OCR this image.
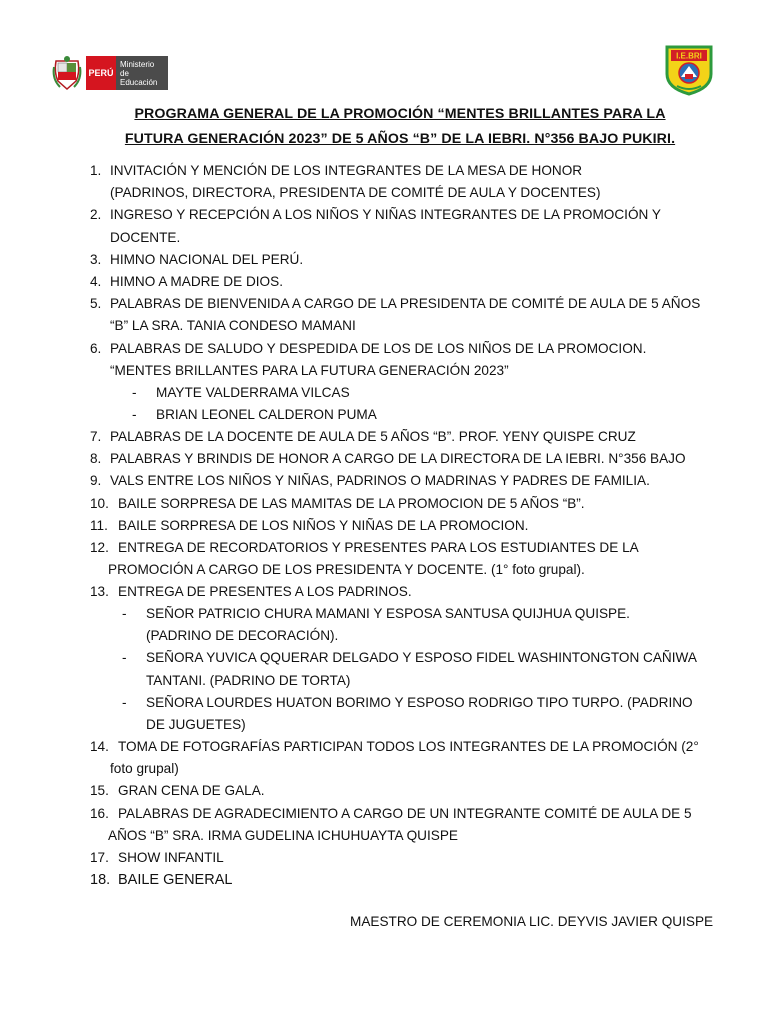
PERÚ
Ministerio
de Educación
I.E.BRI

PROGRAMA GENERAL DE LA PROMOCIÓN “MENTES BRILLANTES PARA LA

FUTURA GENERACIÓN 2023” DE 5 AÑOS “B” DE LA IEBRI. N°356 BAJO PUKIRI.

1. INVITACIÓN Y MENCIÓN DE LOS INTEGRANTES DE LA MESA DE HONOR
(PADRINOS, DIRECTORA, PRESIDENTA DE COMITÉ DE AULA Y DOCENTES)
2. INGRESO Y RECEPCIÓN A LOS NIÑOS Y NIÑAS INTEGRANTES DE LA PROMOCIÓN Y
DOCENTE.
3. HIMNO NACIONAL DEL PERÚ.
4. HIMNO A MADRE DE DIOS.
5. PALABRAS DE BIENVENIDA A CARGO DE LA PRESIDENTA DE COMITÉ DE AULA DE 5 AÑOS
“B” LA SRA. TANIA CONDESO MAMANI
6. PALABRAS DE SALUDO Y DESPEDIDA DE LOS DE LOS NIÑOS DE LA PROMOCION.
“MENTES BRILLANTES PARA LA FUTURA GENERACIÓN 2023”
- MAYTE VALDERRAMA VILCAS
- BRIAN LEONEL CALDERON PUMA
7. PALABRAS DE LA DOCENTE DE AULA DE 5 AÑOS “B”. PROF. YENY QUISPE CRUZ
8. PALABRAS Y BRINDIS DE HONOR A CARGO DE LA DIRECTORA DE LA IEBRI. N°356 BAJO
9. VALS ENTRE LOS NIÑOS Y NIÑAS, PADRINOS O MADRINAS Y PADRES DE FAMILIA.
10. BAILE SORPRESA DE LAS MAMITAS DE LA PROMOCION DE 5 AÑOS “B”.
11. BAILE SORPRESA DE LOS NIÑOS Y NIÑAS DE LA PROMOCION.
12. ENTREGA DE RECORDATORIOS Y PRESENTES PARA LOS ESTUDIANTES DE LA
PROMOCIÓN A CARGO DE LOS PRESIDENTA Y DOCENTE. (1° foto grupal).
13. ENTREGA DE PRESENTES A LOS PADRINOS.
- SEÑOR PATRICIO CHURA MAMANI Y ESPOSA SANTUSA QUIJHUA QUISPE.
(PADRINO DE DECORACIÓN).
- SEÑORA YUVICA QQUERAR DELGADO Y ESPOSO FIDEL WASHINTONGTON CAÑIWA
TANTANI. (PADRINO DE TORTA)
- SEÑORA LOURDES HUATON BORIMO Y ESPOSO RODRIGO TIPO TURPO. (PADRINO
DE JUGUETES)
14. TOMA DE FOTOGRAFÍAS PARTICIPAN TODOS LOS INTEGRANTES DE LA PROMOCIÓN (2°
foto grupal)
15. GRAN CENA DE GALA.
16. PALABRAS DE AGRADECIMIENTO A CARGO DE UN INTEGRANTE COMITÉ DE AULA DE 5
AÑOS “B” SRA. IRMA GUDELINA ICHUHUAYTA QUISPE
17. SHOW INFANTIL
18. BAILE GENERAL

MAESTRO DE CEREMONIA LIC. DEYVIS JAVIER QUISPE
